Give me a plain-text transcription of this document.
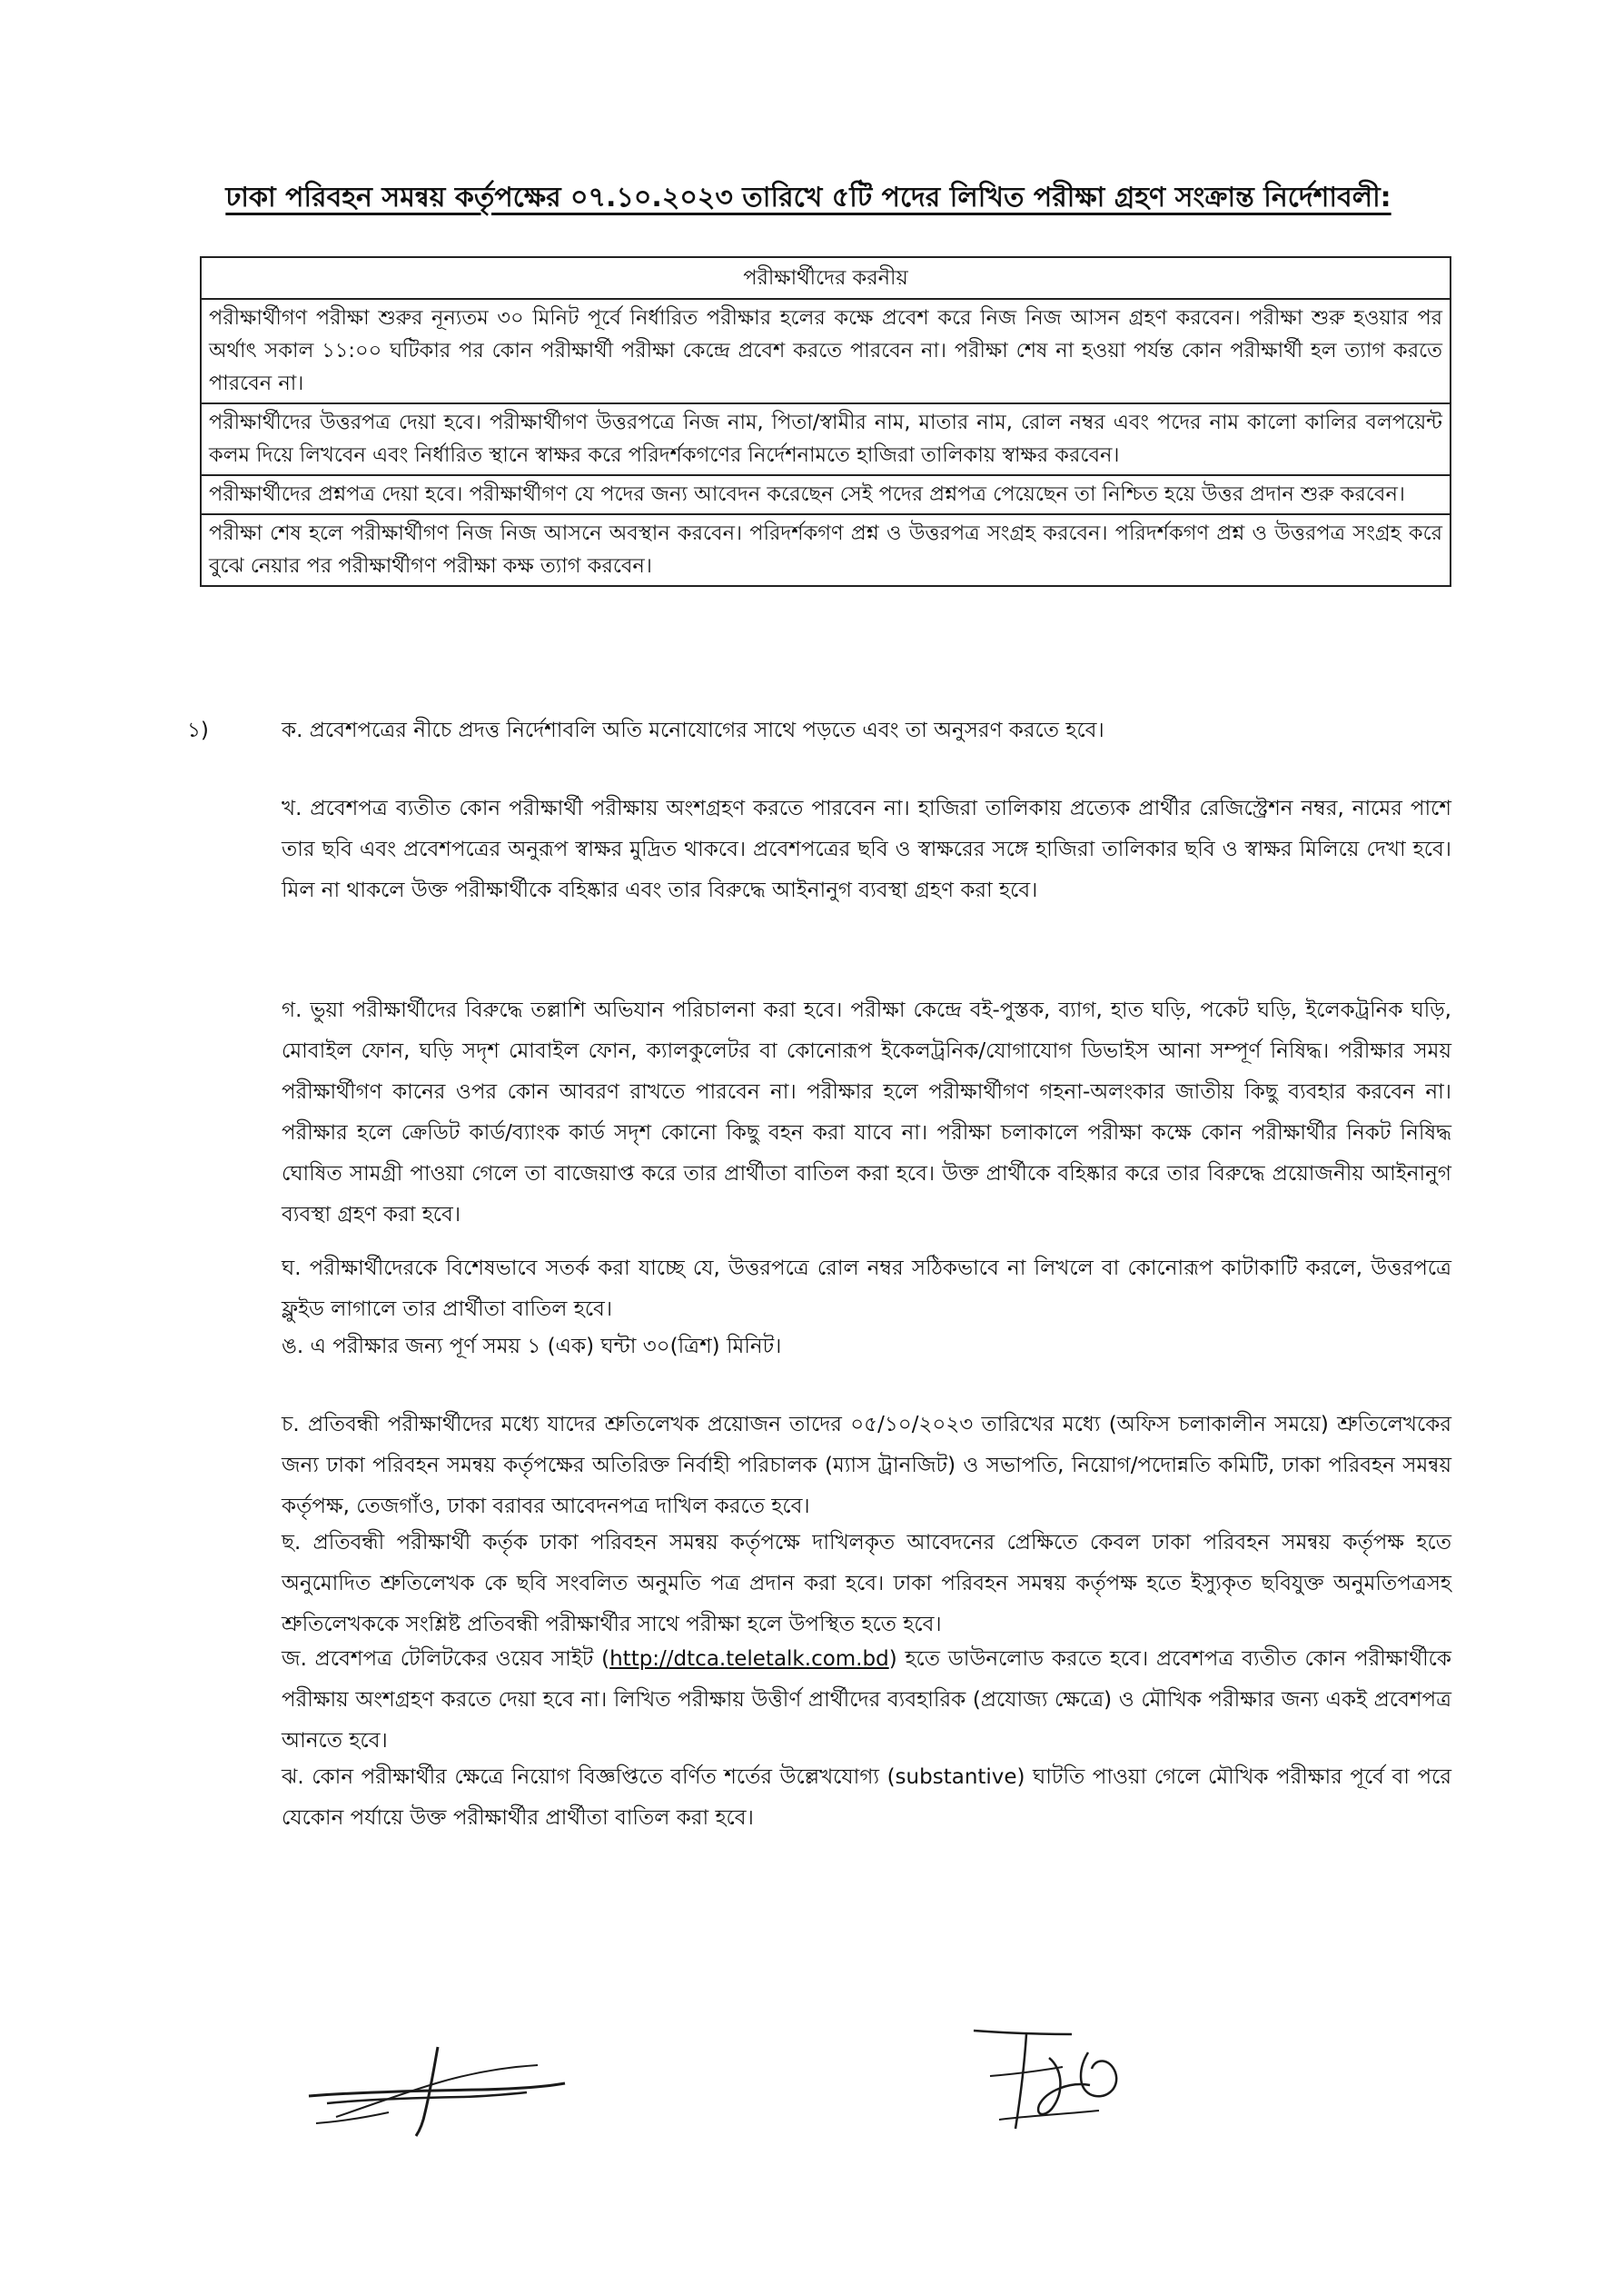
ঢাকা পরিবহন সমন্বয় কর্তৃপক্ষের ০৭.১০.২০২৩ তারিখে ৫টি পদের লিখিত পরীক্ষা গ্রহণ সংক্রান্ত নির্দেশাবলী:
পরীক্ষার্থীদের করনীয়
পরীক্ষার্থীগণ পরীক্ষা শুরুর নূন্যতম ৩০ মিনিট পূর্বে নির্ধারিত পরীক্ষার হলের কক্ষে প্রবেশ করে নিজ নিজ আসন গ্রহণ করবেন। পরীক্ষা শুরু হওয়ার পর অর্থাৎ সকাল ১১:০০ ঘটিকার পর কোন পরীক্ষার্থী পরীক্ষা কেন্দ্রে প্রবেশ করতে পারবেন না। পরীক্ষা শেষ না হওয়া পর্যন্ত কোন পরীক্ষার্থী হল ত্যাগ করতে পারবেন না।
পরীক্ষার্থীদের উত্তরপত্র দেয়া হবে। পরীক্ষার্থীগণ উত্তরপত্রে নিজ নাম, পিতা/স্বামীর নাম, মাতার নাম, রোল নম্বর এবং পদের নাম কালো কালির বলপয়েন্ট কলম দিয়ে লিখবেন এবং নির্ধারিত স্থানে স্বাক্ষর করে পরিদর্শকগণের নির্দেশনামতে হাজিরা তালিকায় স্বাক্ষর করবেন।
পরীক্ষার্থীদের প্রশ্নপত্র দেয়া হবে। পরীক্ষার্থীগণ যে পদের জন্য আবেদন করেছেন সেই পদের প্রশ্নপত্র পেয়েছেন তা নিশ্চিত হয়ে উত্তর প্রদান শুরু করবেন।
পরীক্ষা শেষ হলে পরীক্ষার্থীগণ নিজ নিজ আসনে অবস্থান করবেন। পরিদর্শকগণ প্রশ্ন ও উত্তরপত্র সংগ্রহ করবেন। পরিদর্শকগণ প্রশ্ন ও উত্তরপত্র সংগ্রহ করে বুঝে নেয়ার পর পরীক্ষার্থীগণ পরীক্ষা কক্ষ ত্যাগ করবেন।
১)	ক. প্রবেশপত্রের নীচে প্রদত্ত নির্দেশাবলি অতি মনোযোগের সাথে পড়তে এবং তা অনুসরণ করতে হবে।
খ. প্রবেশপত্র ব্যতীত কোন পরীক্ষার্থী পরীক্ষায় অংশগ্রহণ করতে পারবেন না। হাজিরা তালিকায় প্রত্যেক প্রার্থীর রেজিস্ট্রেশন নম্বর, নামের পাশে তার ছবি এবং প্রবেশপত্রের অনুরূপ স্বাক্ষর মুদ্রিত থাকবে। প্রবেশপত্রের ছবি ও স্বাক্ষরের সঙ্গে হাজিরা তালিকার ছবি ও স্বাক্ষর মিলিয়ে দেখা হবে। মিল না থাকলে উক্ত পরীক্ষার্থীকে বহিষ্কার এবং তার বিরুদ্ধে আইনানুগ ব্যবস্থা গ্রহণ করা হবে।
গ. ভুয়া পরীক্ষার্থীদের বিরুদ্ধে তল্লাশি অভিযান পরিচালনা করা হবে। পরীক্ষা কেন্দ্রে বই-পুস্তক, ব্যাগ, হাত ঘড়ি, পকেট ঘড়ি, ইলেকট্রনিক ঘড়ি, মোবাইল ফোন, ঘড়ি সদৃশ মোবাইল ফোন, ক্যালকুলেটর বা কোনোরূপ ইকেলট্রনিক/যোগাযোগ ডিভাইস আনা সম্পূর্ণ নিষিদ্ধ। পরীক্ষার সময় পরীক্ষার্থীগণ কানের ওপর কোন আবরণ রাখতে পারবেন না। পরীক্ষার হলে পরীক্ষার্থীগণ গহনা-অলংকার জাতীয় কিছু ব্যবহার করবেন না। পরীক্ষার হলে ক্রেডিট কার্ড/ব্যাংক কার্ড সদৃশ কোনো কিছু বহন করা যাবে না। পরীক্ষা চলাকালে পরীক্ষা কক্ষে কোন পরীক্ষার্থীর নিকট নিষিদ্ধ ঘোষিত সামগ্রী পাওয়া গেলে তা বাজেয়াপ্ত করে তার প্রার্থীতা বাতিল করা হবে। উক্ত প্রার্থীকে বহিষ্কার করে তার বিরুদ্ধে প্রয়োজনীয় আইনানুগ ব্যবস্থা গ্রহণ করা হবে।
ঘ. পরীক্ষার্থীদেরকে বিশেষভাবে সতর্ক করা যাচ্ছে যে, উত্তরপত্রে রোল নম্বর সঠিকভাবে না লিখলে বা কোনোরূপ কাটাকাটি করলে, উত্তরপত্রে ফ্লুইড লাগালে তার প্রার্থীতা বাতিল হবে।
ঙ. এ পরীক্ষার জন্য পূর্ণ সময় ১ (এক) ঘন্টা ৩০(ত্রিশ) মিনিট।
চ. প্রতিবন্ধী পরীক্ষার্থীদের মধ্যে যাদের শ্রুতিলেখক প্রয়োজন তাদের ০৫/১০/২০২৩ তারিখের মধ্যে (অফিস চলাকালীন সময়ে) শ্রুতিলেখকের জন্য ঢাকা পরিবহন সমন্বয় কর্তৃপক্ষের অতিরিক্ত নির্বাহী পরিচালক (ম্যাস ট্রানজিট) ও সভাপতি, নিয়োগ/পদোন্নতি কমিটি, ঢাকা পরিবহন সমন্বয় কর্তৃপক্ষ, তেজগাঁও, ঢাকা বরাবর আবেদনপত্র দাখিল করতে হবে।
ছ. প্রতিবন্ধী পরীক্ষার্থী কর্তৃক ঢাকা পরিবহন সমন্বয় কর্তৃপক্ষে দাখিলকৃত আবেদনের প্রেক্ষিতে কেবল ঢাকা পরিবহন সমন্বয় কর্তৃপক্ষ হতে অনুমোদিত শ্রুতিলেখক কে ছবি সংবলিত অনুমতি পত্র প্রদান করা হবে। ঢাকা পরিবহন সমন্বয় কর্তৃপক্ষ হতে ইস্যুকৃত ছবিযুক্ত অনুমতিপত্রসহ শ্রুতিলেখককে সংশ্লিষ্ট প্রতিবন্ধী পরীক্ষার্থীর সাথে পরীক্ষা হলে উপস্থিত হতে হবে।
জ. প্রবেশপত্র টেলিটকের ওয়েব সাইট (http://dtca.teletalk.com.bd) হতে ডাউনলোড করতে হবে। প্রবেশপত্র ব্যতীত কোন পরীক্ষার্থীকে পরীক্ষায় অংশগ্রহণ করতে দেয়া হবে না। লিখিত পরীক্ষায় উত্তীর্ণ প্রার্থীদের ব্যবহারিক (প্রযোজ্য ক্ষেত্রে) ও মৌখিক পরীক্ষার জন্য একই প্রবেশপত্র আনতে হবে।
ঝ. কোন পরীক্ষার্থীর ক্ষেত্রে নিয়োগ বিজ্ঞপ্তিতে বর্ণিত শর্তের উল্লেখযোগ্য (substantive) ঘাটতি পাওয়া গেলে মৌখিক পরীক্ষার পূর্বে বা পরে যেকোন পর্যায়ে উক্ত পরীক্ষার্থীর প্রার্থীতা বাতিল করা হবে।
